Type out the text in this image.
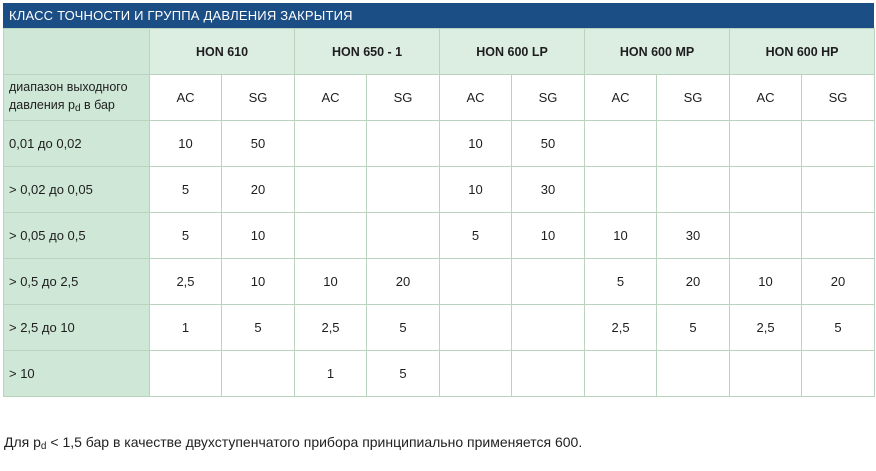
КЛАСС ТОЧНОСТИ И ГРУППА ДАВЛЕНИЯ ЗАКРЫТИЯ
	HON 610		HON 650 - 1		HON 600 LP		HON 600 MP		HON 600 HP	
диапазон выходного
давления $p_d$ в бар	AC	SG	AC	SG	AC	SG	AC	SG	AC	SG
0,01 до 0,02	10	50			10	50				
> 0,02 до 0,05	5	20			10	30				
> 0,05 до 0,5	5	10			5	10	10	30		
> 0,5 до 2,5	2,5	10	10	20			5	20	10	20
> 2,5 до 10	1	5	2,5	5			2,5	5	2,5	5
> 10			1	5						
Для $p_d < 1,5$ бар в качестве двухступенчатого прибора принципиально применяется 600.
